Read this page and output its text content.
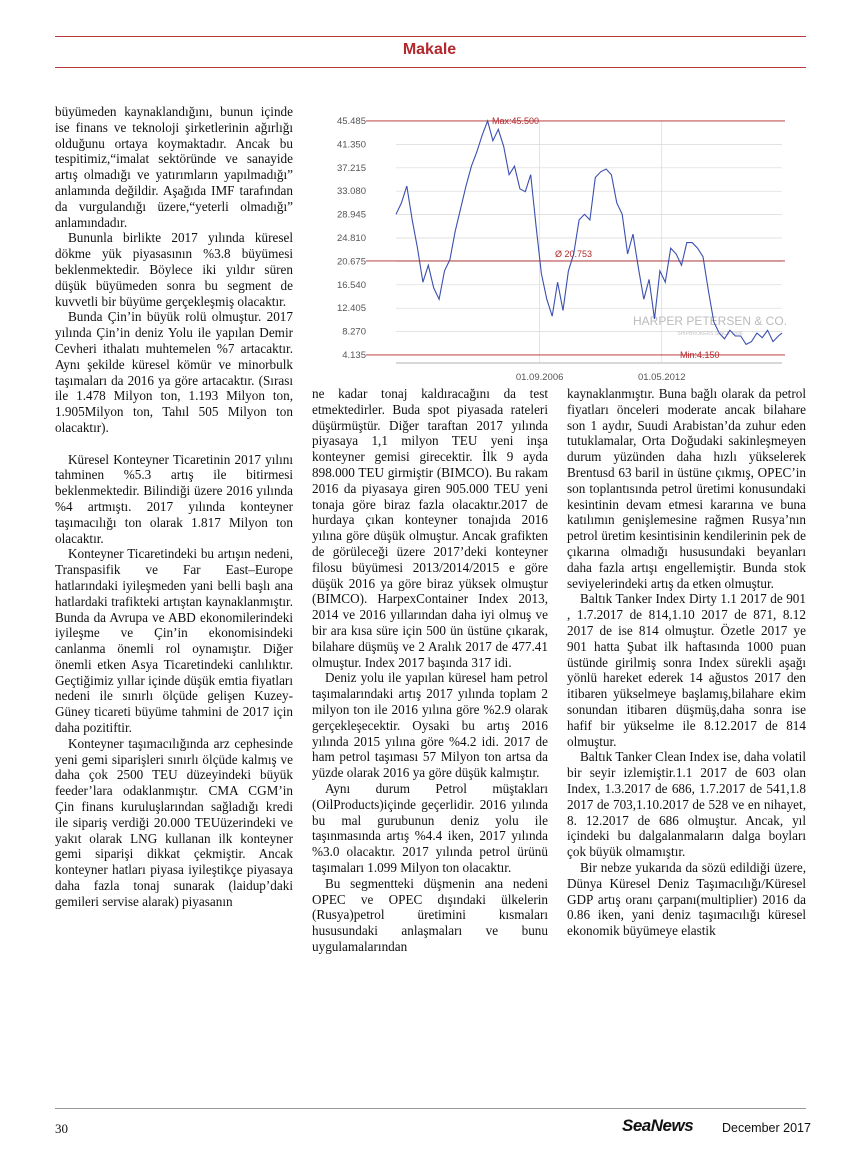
Makale

büyümeden kaynaklandığını, bunun içinde ise finans ve teknoloji şirketlerinin ağırlığı olduğunu ortaya koymaktadır. Ancak bu tespitimiz,“imalat sektöründe ve sanayide artış olmadığı ve yatırımların yapılmadığı” anlamında değildir. Aşağıda IMF tarafından da vurgulandığı üzere,“yeterli olmadığı” anlamındadır.

Bununla birlikte 2017 yılında küresel dökme yük piyasasının %3.8 büyümesi beklenmektedir. Böylece iki yıldır süren düşük büyümeden sonra bu segment de kuvvetli bir büyüme gerçekleşmiş olacaktır.

Bunda Çin’in büyük rolü olmuştur. 2017 yılında Çin’in deniz Yolu ile yapılan Demir Cevheri ithalatı muhtemelen %7 artacaktır. Aynı şekilde küresel kömür ve minorbulk taşımaları da 2016 ya göre artacaktır. (Sırası ile 1.478 Milyon ton, 1.193 Milyon ton, 1.905Milyon ton, Tahıl 505 Milyon ton olacaktır).

Küresel Konteyner Ticaretinin 2017 yılını tahminen %5.3 artış ile bitirmesi beklenmektedir. Bilindiği üzere 2016 yılında %4 artmıştı. 2017 yılında konteyner taşımacılığı ton olarak 1.817 Milyon ton olacaktır.

Konteyner Ticaretindeki bu artışın nedeni, Transpasifik ve Far East–Europe hatlarındaki iyileşmeden yani belli başlı ana hatlardaki trafikteki artıştan kaynaklanmıştır. Bunda da Avrupa ve ABD ekonomilerindeki iyileşme ve Çin’in ekonomisindeki canlanma önemli rol oynamıştır. Diğer önemli etken Asya Ticaretindeki canlılıktır. Geçtiğimiz yıllar içinde düşük emtia fiyatları nedeni ile sınırlı ölçüde gelişen Kuzey-Güney ticareti büyüme tahmini de 2017 için daha pozitiftir.

Konteyner taşımacılığında arz cephesinde yeni gemi siparişleri sınırlı ölçüde kalmış ve daha çok 2500 TEU düzeyindeki büyük feeder’lara odaklanmıştır. CMA CGM’in Çin finans kuruluşlarından sağladığı kredi ile sipariş verdiği 20.000 TEUüzerindeki ve yakıt olarak LNG kullanan ilk konteyner gemi siparişi dikkat çekmiştir. Ancak konteyner hatları piyasa iyileştikçe piyasaya daha fazla tonaj sunarak (laidup’daki gemileri servise alarak) piyasanın

45.485
41.350
37.215
33.080
28.945
24.810
20.675
16.540
12.405
8.270
4.135
01.09.2006	01.05.2012
HARPER PETERSEN & CO.
SHIPBROKERS SINCE 1896
Max:45.500
Ø 20.753
Min:4.150

ne kadar tonaj kaldıracağını da test etmektedirler. Buda spot piyasada rateleri düşürmüştür. Diğer taraftan 2017 yılında piyasaya 1,1 milyon TEU yeni inşa konteyner gemisi girecektir. İlk 9 ayda 898.000 TEU girmiştir (BIMCO). Bu rakam 2016 da piyasaya giren 905.000 TEU yeni tonaja göre biraz fazla olacaktır.2017 de hurdaya çıkan konteyner tonajıda 2016 yılına göre düşük olmuştur. Ancak grafikten de görüleceği üzere 2017’deki konteyner filosu büyümesi 2013/2014/2015 e göre düşük 2016 ya göre biraz yüksek olmuştur (BIMCO). HarpexContainer Index 2013, 2014 ve 2016 yıllarından daha iyi olmuş ve bir ara kısa süre için 500 ün üstüne çıkarak, bilahare düşmüş ve 2 Aralık 2017 de 477.41 olmuştur. Index 2017 başında 317 idi.

Deniz yolu ile yapılan küresel ham petrol taşımalarındaki artış 2017 yılında toplam 2 milyon ton ile 2016 yılına göre %2.9 olarak gerçekleşecektir. Oysaki bu artış 2016 yılında 2015 yılına göre %4.2 idi. 2017 de ham petrol taşıması 57 Milyon ton artsa da yüzde olarak 2016 ya göre düşük kalmıştır.

Aynı durum Petrol müştakları (OilProducts)içinde geçerlidir. 2016 yılında bu mal gurubunun deniz yolu ile taşınmasında artış %4.4 iken, 2017 yılında %3.0 olacaktır. 2017 yılında petrol ürünü taşımaları 1.099 Milyon ton olacaktır.

Bu segmentteki düşmenin ana nedeni OPEC ve OPEC dışındaki ülkelerin (Rusya)petrol üretimini kısmaları hususundaki anlaşmaları ve bunu uygulamalarından

kaynaklanmıştır. Buna bağlı olarak da petrol fiyatları önceleri moderate ancak bilahare son 1 aydır, Suudi Arabistan’da zuhur eden tutuklamalar, Orta Doğudaki sakinleşmeyen durum yüzünden daha hızlı yükselerek Brentusd 63 baril in üstüne çıkmış, OPEC’in son toplantısında petrol üretimi konusundaki kesintinin devam etmesi kararına ve buna katılımın genişlemesine rağmen Rusya’nın petrol üretim kesintisinin kendilerinin pek de çıkarına olmadığı hususundaki beyanları daha fazla artışı engellemiştir. Bunda stok seviyelerindeki artış da etken olmuştur.

Baltık Tanker Index Dirty 1.1 2017 de 901 , 1.7.2017 de 814,1.10 2017 de 871, 8.12 2017 de ise 814 olmuştur. Özetle 2017 ye 901 hatta Şubat ilk haftasında 1000 puan üstünde girilmiş sonra Index sürekli aşağı yönlü hareket ederek 14 ağustos 2017 den itibaren yükselmeye başlamış,bilahare ekim sonundan itibaren düşmüş,daha sonra ise hafif bir yükselme ile 8.12.2017 de 814 olmuştur.

Baltık Tanker Clean Index ise, daha volatil bir seyir izlemiştir.1.1 2017 de 603 olan Index, 1.3.2017 de 686, 1.7.2017 de 541,1.8 2017 de 703,1.10.2017 de 528 ve en nihayet, 8. 12.2017 de 686 olmuştur. Ancak, yıl içindeki bu dalgalanmaların dalga boyları çok büyük olmamıştır.

Bir nebze yukarıda da sözü edildiği üzere, Dünya Küresel Deniz Taşımacılığı/Küresel GDP artış oranı çarpanı(multiplier) 2016 da 0.86 iken, yani deniz taşımacılığı küresel ekonomik büyümeye elastik

30	SeaNews December 2017
